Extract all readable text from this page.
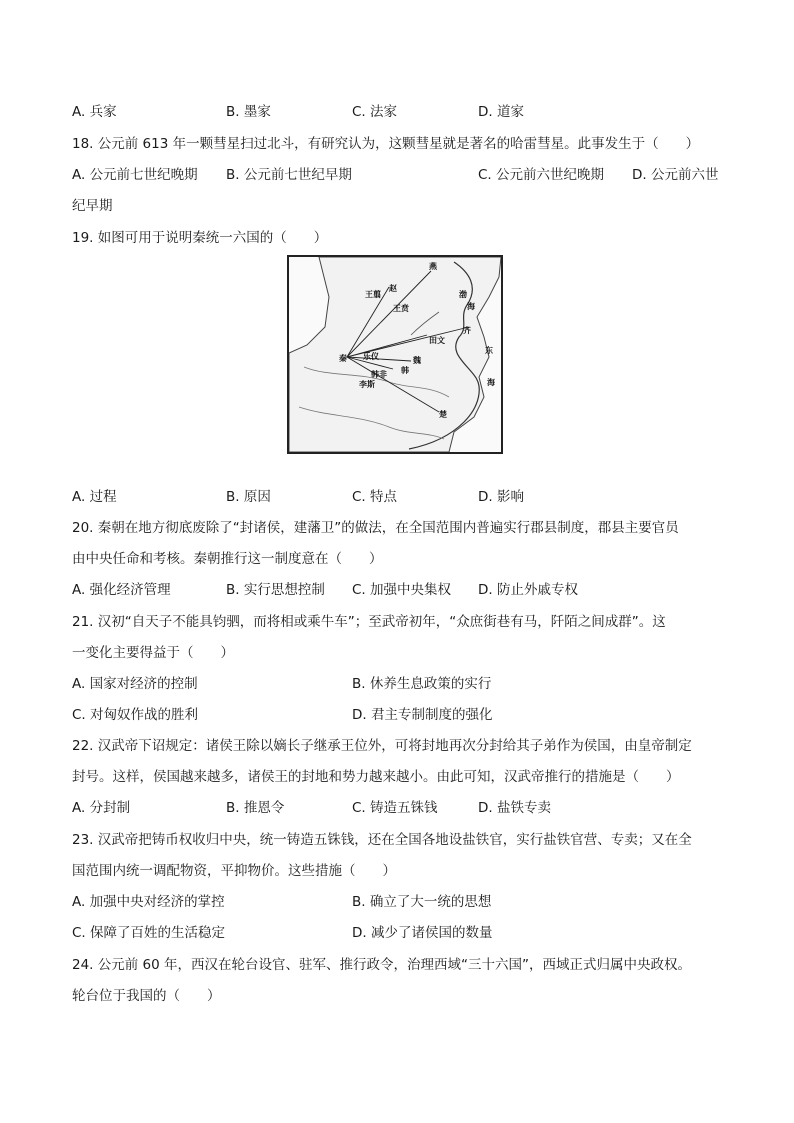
A. 兵家	B. 墨家	C. 法家	D. 道家
18. 公元前 613 年一颗彗星扫过北斗，有研究认为，这颗彗星就是著名的哈雷彗星。此事发生于（　　）
A. 公元前七世纪晚期 B. 公元前七世纪早期	C. 公元前六世纪晚期 D. 公元前六世
纪早期
19. 如图可用于说明秦统一六国的（　　）
秦
燕
齐
赵
魏
韩
楚
东
海
王翦
王贲
田文
乐仪
韩非
李斯
渤
海
A. 过程	B. 原因	C. 特点	D. 影响
20. 秦朝在地方彻底废除了“封诸侯，建藩卫”的做法，在全国范围内普遍实行郡县制度，郡县主要官员
由中央任命和考核。秦朝推行这一制度意在（　　）
A. 强化经济管理	B. 实行思想控制 C. 加强中央集权 D. 防止外戚专权
21. 汉初“自天子不能具钧驷，而将相或乘牛车”；至武帝初年，“众庶街巷有马，阡陌之间成群”。这
一变化主要得益于（　　）
A. 国家对经济的控制	B. 休养生息政策的实行
C. 对匈奴作战的胜利	D. 君主专制制度的强化
22. 汉武帝下诏规定：诸侯王除以嫡长子继承王位外，可将封地再次分封给其子弟作为侯国，由皇帝制定
封号。这样，侯国越来越多，诸侯王的封地和势力越来越小。由此可知，汉武帝推行的措施是（　　）
A. 分封制	B. 推恩令	C. 铸造五铢钱	D. 盐铁专卖
23. 汉武帝把铸币权收归中央，统一铸造五铢钱，还在全国各地设盐铁官，实行盐铁官营、专卖；又在全
国范围内统一调配物资，平抑物价。这些措施（　　）
A. 加强中央对经济的掌控	B. 确立了大一统的思想
C. 保障了百姓的生活稳定	D. 减少了诸侯国的数量
24. 公元前 60 年，西汉在轮台设官、驻军、推行政令，治理西域“三十六国”，西域正式归属中央政权。
轮台位于我国的（　　）
